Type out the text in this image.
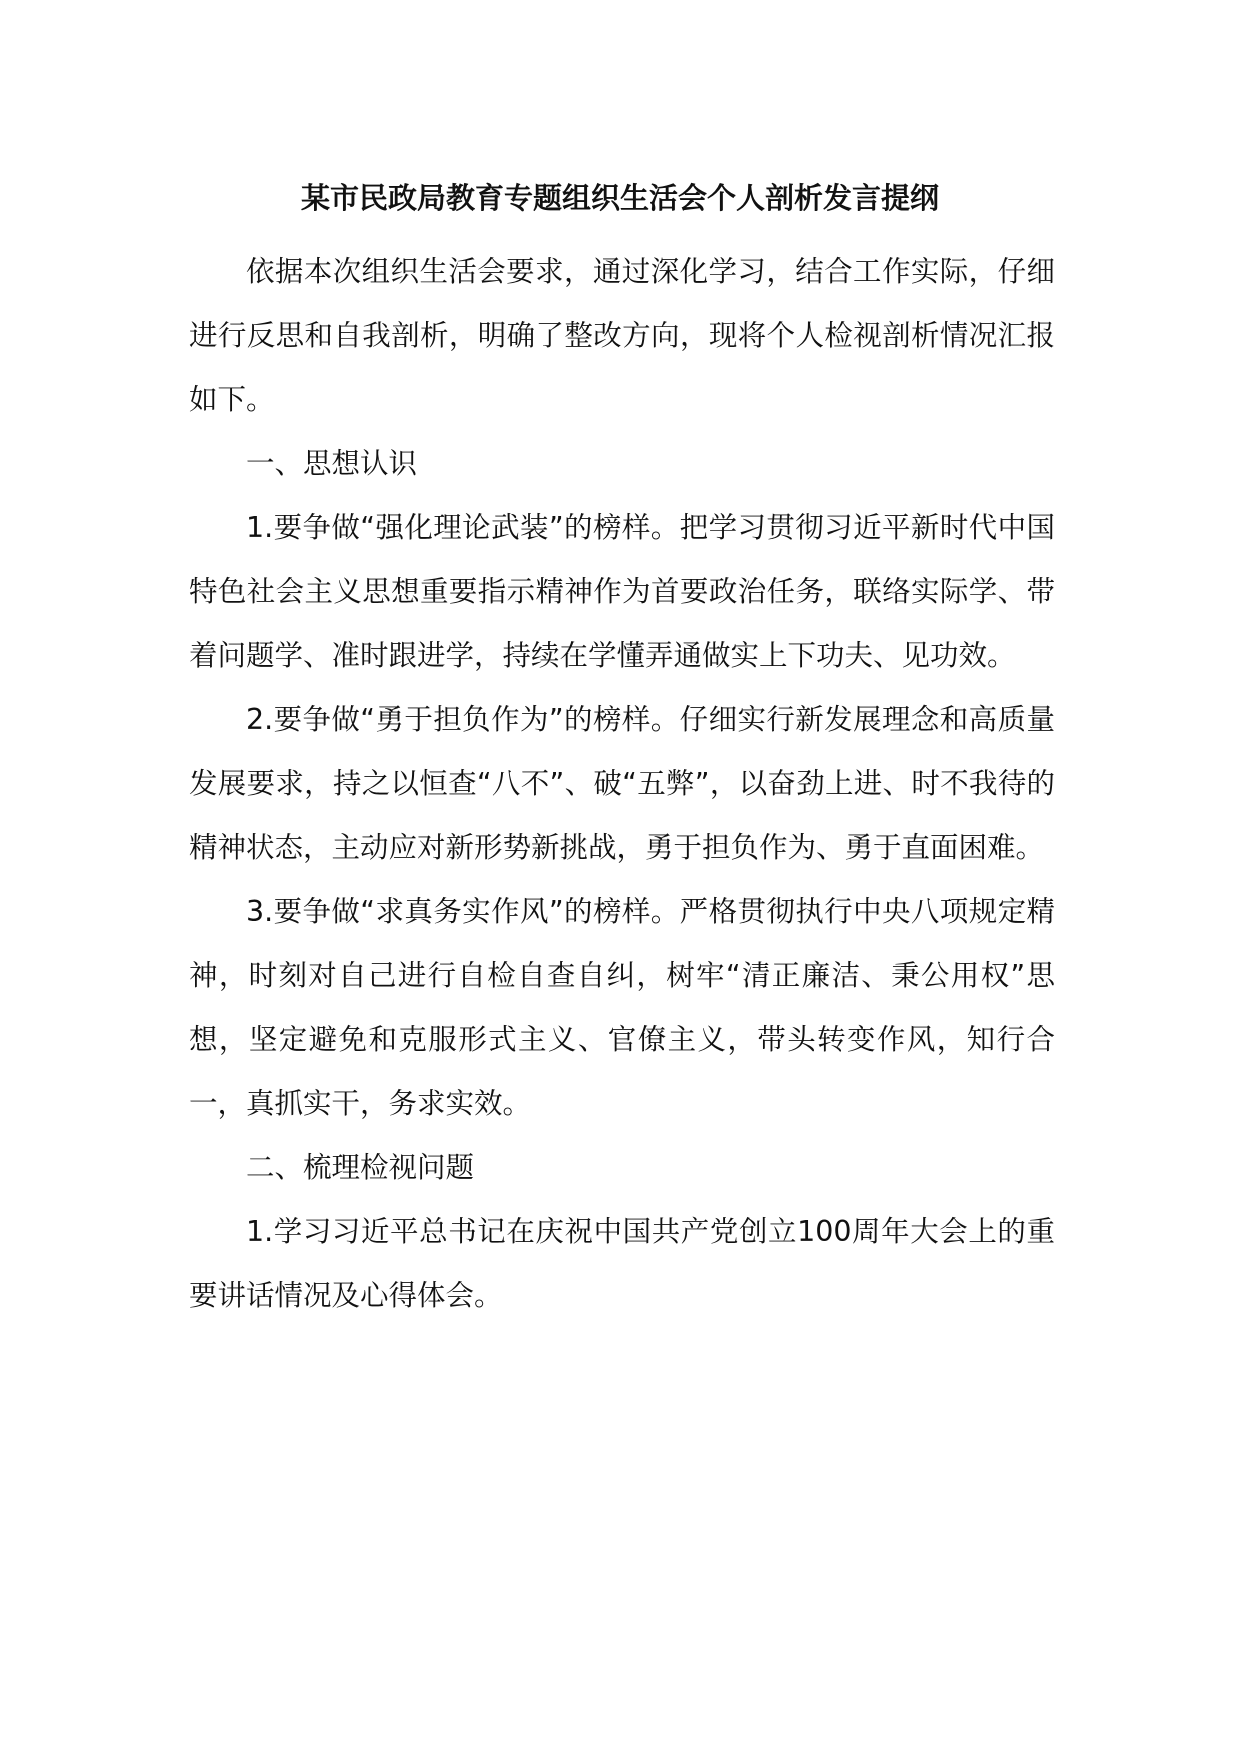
某市民政局教育专题组织生活会个人剖析发言提纲

依据本次组织生活会要求，通过深化学习，结合工作实际，仔细进行反思和自我剖析，明确了整改方向，现将个人检视剖析情况汇报如下。

一、思想认识

1.要争做“强化理论武装”的榜样。把学习贯彻习近平新时代中国特色社会主义思想重要指示精神作为首要政治任务，联络实际学、带着问题学、准时跟进学，持续在学懂弄通做实上下功夫、见功效。

2.要争做“勇于担负作为”的榜样。仔细实行新发展理念和高质量发展要求，持之以恒查“八不”、破“五弊”，以奋劲上进、时不我待的精神状态，主动应对新形势新挑战，勇于担负作为、勇于直面困难。

3.要争做“求真务实作风”的榜样。严格贯彻执行中央八项规定精神，时刻对自己进行自检自查自纠，树牢“清正廉洁、秉公用权”思想，坚定避免和克服形式主义、官僚主义，带头转变作风，知行合一，真抓实干，务求实效。

二、梳理检视问题

1.学习习近平总书记在庆祝中国共产党创立100周年大会上的重要讲话情况及心得体会。
